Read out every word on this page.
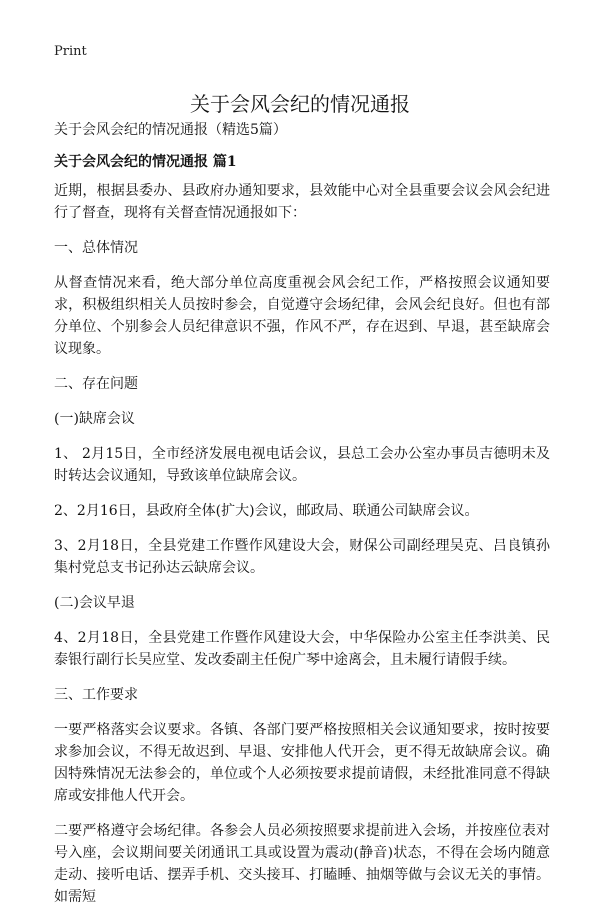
Print
关于会风会纪的情况通报
关于会风会纪的情况通报（精选5篇）
关于会风会纪的情况通报 篇1

近期，根据县委办、县政府办通知要求，县效能中心对全县重要会议会风会纪进行了督查，现将有关督查情况通报如下：

一、总体情况

从督查情况来看，绝大部分单位高度重视会风会纪工作，严格按照会议通知要求，积极组织相关人员按时参会，自觉遵守会场纪律，会风会纪良好。但也有部分单位、个别参会人员纪律意识不强，作风不严，存在迟到、早退，甚至缺席会议现象。

二、存在问题

(一)缺席会议

1、 2月15日，全市经济发展电视电话会议，县总工会办公室办事员吉德明未及时转达会议通知，导致该单位缺席会议。

2、2月16日，县政府全体(扩大)会议，邮政局、联通公司缺席会议。

3、2月18日，全县党建工作暨作风建设大会，财保公司副经理吴克、吕良镇孙集村党总支书记孙达云缺席会议。

(二)会议早退

4、2月18日，全县党建工作暨作风建设大会，中华保险办公室主任李洪美、民泰银行副行长吴应堂、发改委副主任倪广琴中途离会，且未履行请假手续。

三、工作要求

一要严格落实会议要求。各镇、各部门要严格按照相关会议通知要求，按时按要求参加会议，不得无故迟到、早退、安排他人代开会，更不得无故缺席会议。确因特殊情况无法参会的，单位或个人必须按要求提前请假，未经批准同意不得缺席或安排他人代开会。

二要严格遵守会场纪律。各参会人员必须按照要求提前进入会场，并按座位表对号入座，会议期间要关闭通讯工具或设置为震动(静音)状态，不得在会场内随意走动、接听电话、摆弄手机、交头接耳、打瞌睡、抽烟等做与会议无关的事情。如需短
